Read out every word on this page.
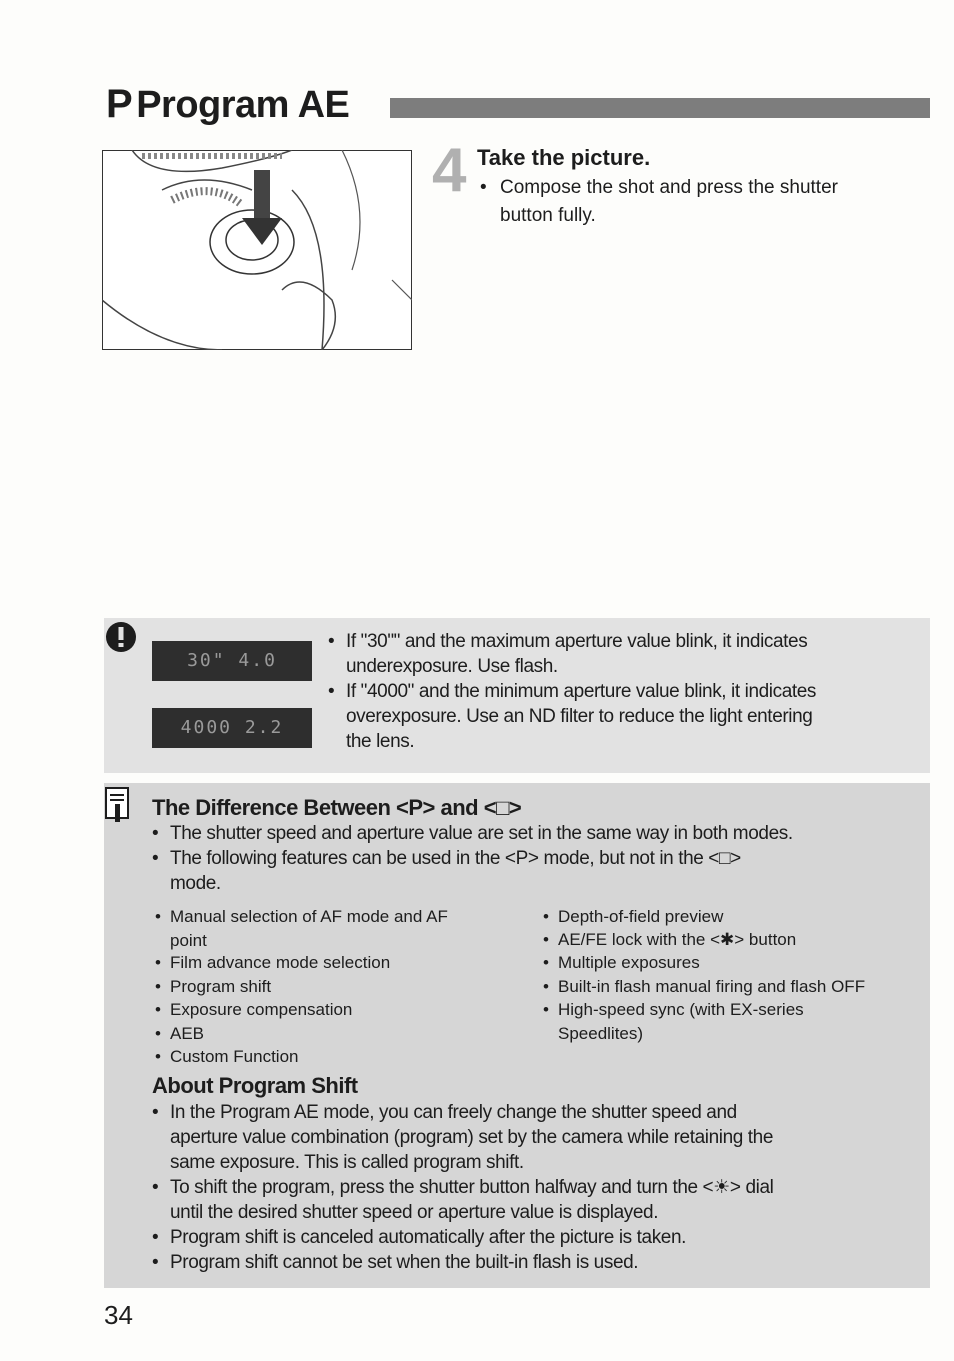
P Program AE
4 Take the picture.
• Compose the shot and press the shutter
button fully.
30" 4.0
4000 2.2
• If "30"" and the maximum aperture value blink, it indicates
underexposure. Use flash.
• If "4000" and the minimum aperture value blink, it indicates
overexposure. Use an ND filter to reduce the light entering
the lens.
The Difference Between <P> and <□>
• The shutter speed and aperture value are set in the same way in both modes.
• The following features can be used in the <P> mode, but not in the <□>
mode.
• Manual selection of AF mode and AF
point
• Film advance mode selection
• Program shift
• Exposure compensation
• AEB
• Custom Function
• Depth-of-field preview
• AE/FE lock with the <✱> button
• Multiple exposures
• Built-in flash manual firing and flash OFF
• High-speed sync (with EX-series
Speedlites)
About Program Shift
• In the Program AE mode, you can freely change the shutter speed and
aperture value combination (program) set by the camera while retaining the
same exposure. This is called program shift.
• To shift the program, press the shutter button halfway and turn the <☀> dial
until the desired shutter speed or aperture value is displayed.
• Program shift is canceled automatically after the picture is taken.
• Program shift cannot be set when the built-in flash is used.
34
